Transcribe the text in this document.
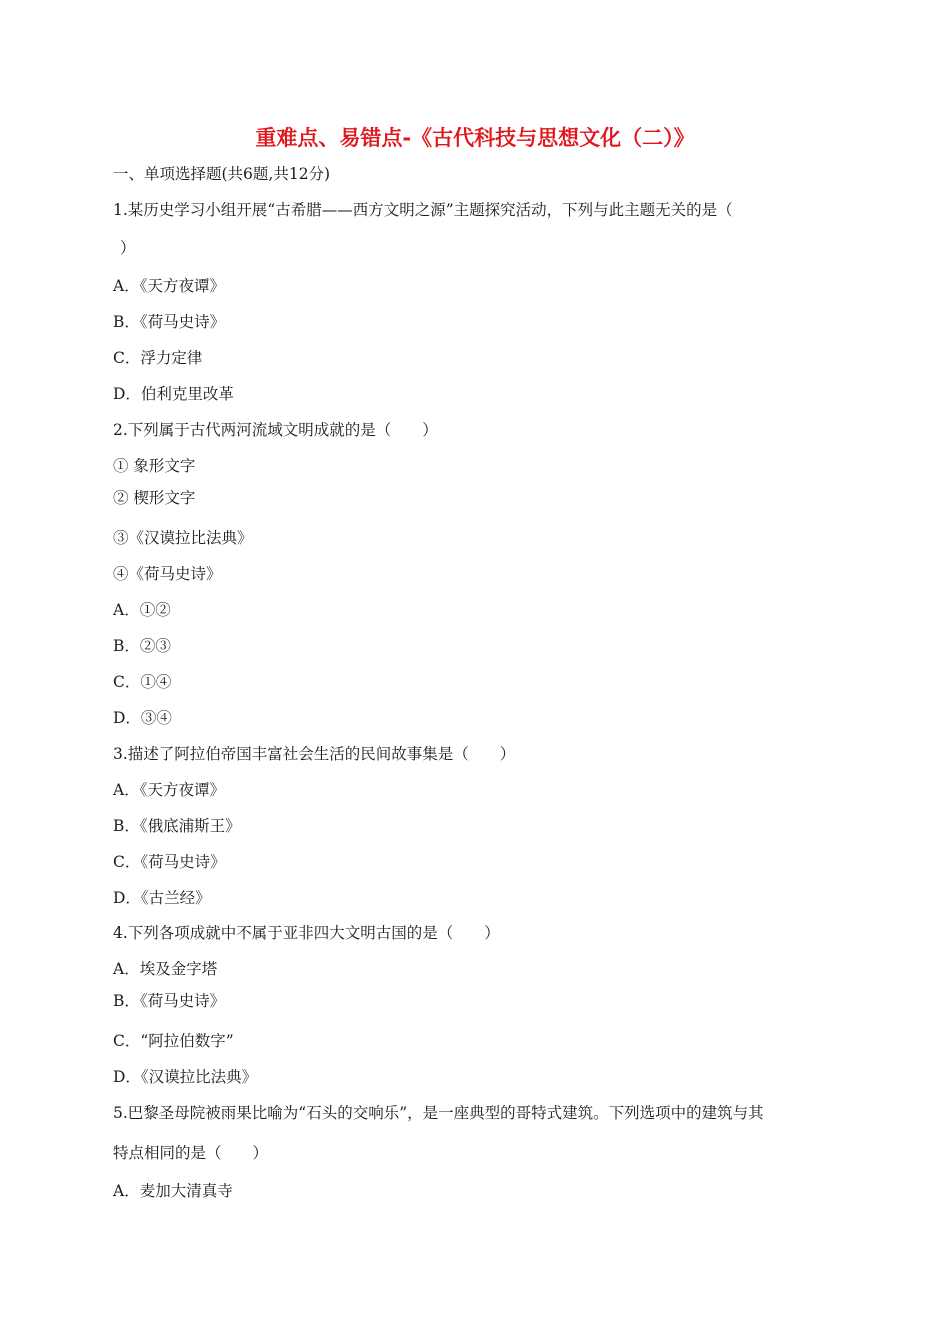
重难点、易错点-《古代科技与思想文化（二）》
一、单项选择题(共6题,共12分)
1.某历史学习小组开展“古希腊——西方文明之源”主题探究活动，下列与此主题无关的是（
）
A．《天方夜谭》
B．《荷马史诗》
C．浮力定律
D．伯利克里改革
2.下列属于古代两河流域文明成就的是（　　）
① 象形文字
② 楔形文字
③《汉谟拉比法典》
④《荷马史诗》
A．①②
B．②③
C．①④
D．③④
3.描述了阿拉伯帝国丰富社会生活的民间故事集是（　　）
A．《天方夜谭》
B．《俄底浦斯王》
C．《荷马史诗》
D．《古兰经》
4.下列各项成就中不属于亚非四大文明古国的是（　　）
A．埃及金字塔
B．《荷马史诗》
C．“阿拉伯数字”
D．《汉谟拉比法典》
5.巴黎圣母院被雨果比喻为“石头的交响乐”，是一座典型的哥特式建筑。下列选项中的建筑与其
特点相同的是（　　）
A．麦加大清真寺
